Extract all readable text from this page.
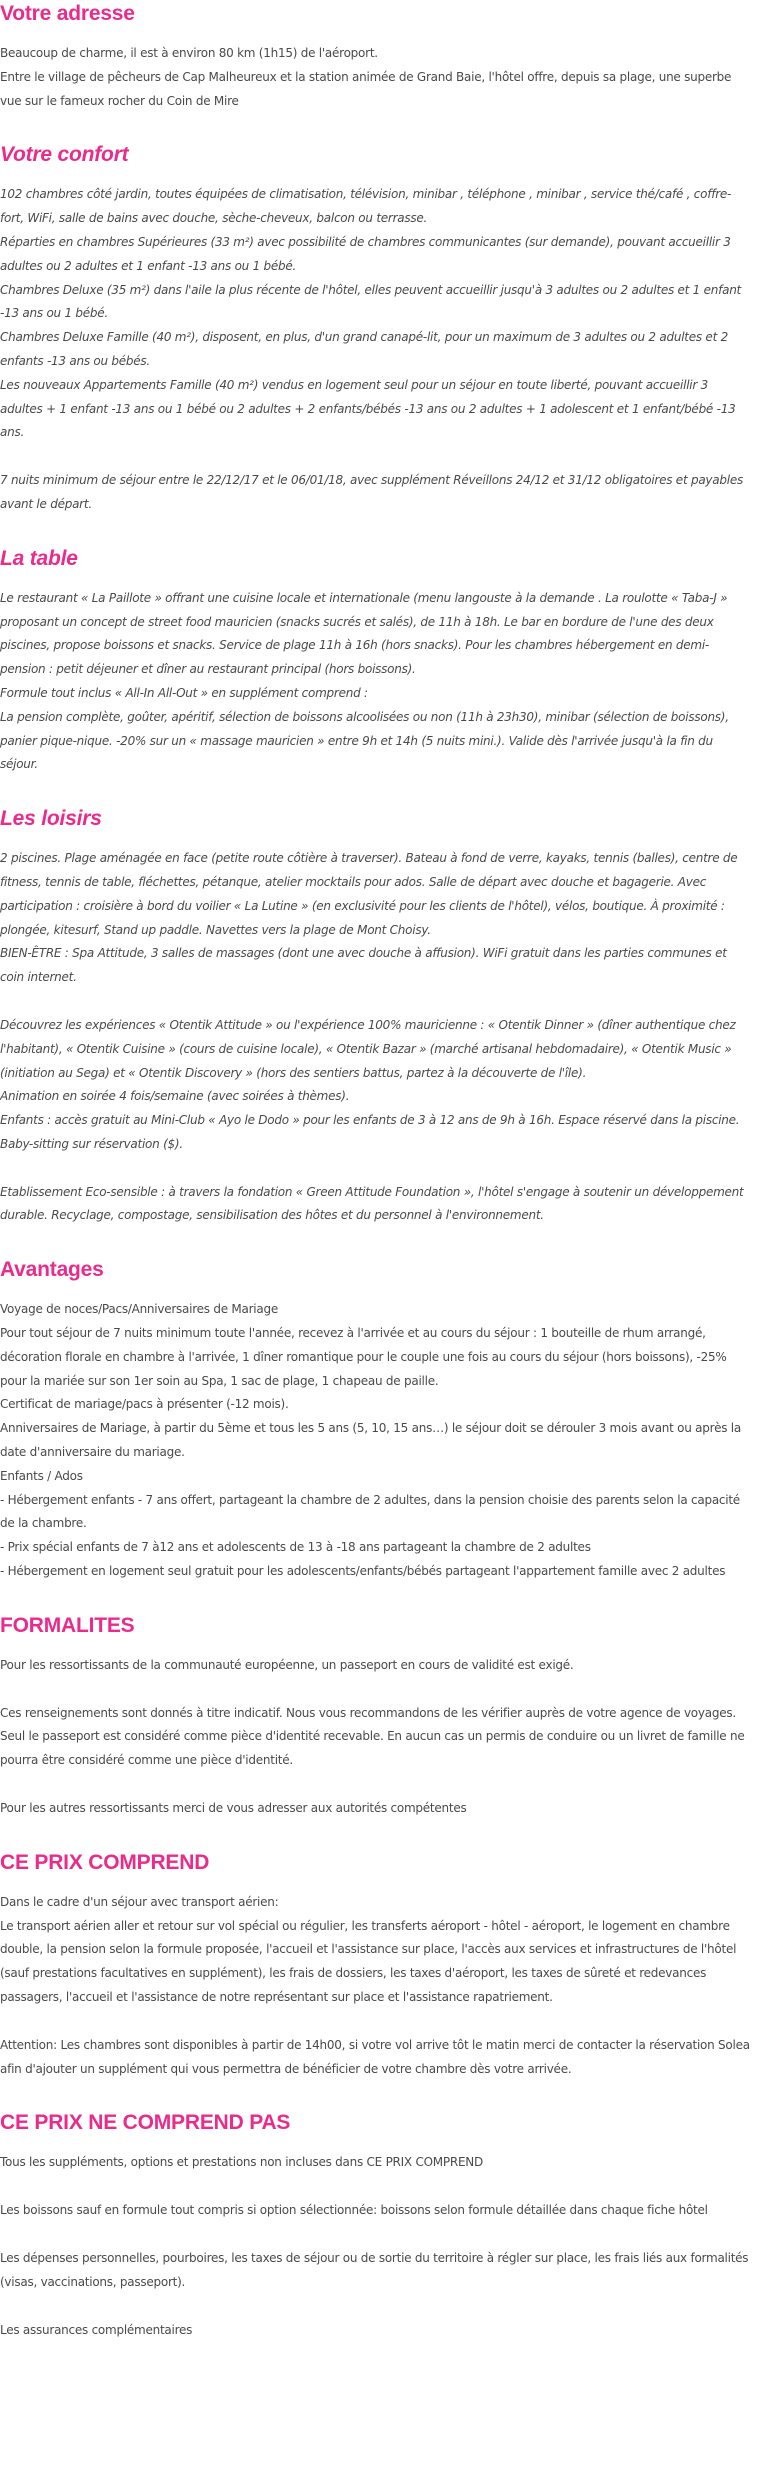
Votre adresse

Beaucoup de charme, il est à environ 80 km (1h15) de l'aéroport.
Entre le village de pêcheurs de Cap Malheureux et la station animée de Grand Baie, l'hôtel offre, depuis sa plage, une superbe vue sur le fameux rocher du Coin de Mire

Votre confort

102 chambres côté jardin, toutes équipées de climatisation, télévision, minibar , téléphone , minibar , service thé/café , coffre-fort, WiFi, salle de bains avec douche, sèche-cheveux, balcon ou terrasse.
Réparties en chambres Supérieures (33 m²) avec possibilité de chambres communicantes (sur demande), pouvant accueillir 3 adultes ou 2 adultes et 1 enfant -13 ans ou 1 bébé.
Chambres Deluxe (35 m²) dans l'aile la plus récente de l'hôtel, elles peuvent accueillir jusqu'à 3 adultes ou 2 adultes et 1 enfant -13 ans ou 1 bébé.
Chambres Deluxe Famille (40 m²), disposent, en plus, d'un grand canapé-lit, pour un maximum de 3 adultes ou 2 adultes et 2 enfants -13 ans ou bébés.
Les nouveaux Appartements Famille (40 m²) vendus en logement seul pour un séjour en toute liberté, pouvant accueillir 3 adultes + 1 enfant -13 ans ou 1 bébé ou 2 adultes + 2 enfants/bébés -13 ans ou 2 adultes + 1 adolescent et 1 enfant/bébé -13 ans.

7 nuits minimum de séjour entre le 22/12/17 et le 06/01/18, avec supplément Réveillons 24/12 et 31/12 obligatoires et payables avant le départ.

La table

Le restaurant « La Paillote » offrant une cuisine locale et internationale (menu langouste à la demande . La roulotte « Taba-J » proposant un concept de street food mauricien (snacks sucrés et salés), de 11h à 18h. Le bar en bordure de l'une des deux piscines, propose boissons et snacks. Service de plage 11h à 16h (hors snacks). Pour les chambres hébergement en demi-pension : petit déjeuner et dîner au restaurant principal (hors boissons).
Formule tout inclus « All-In All-Out » en supplément comprend :
La pension complète, goûter, apéritif, sélection de boissons alcoolisées ou non (11h à 23h30), minibar (sélection de boissons), panier pique-nique. -20% sur un « massage mauricien » entre 9h et 14h (5 nuits mini.). Valide dès l'arrivée jusqu'à la fin du séjour.

Les loisirs

2 piscines. Plage aménagée en face (petite route côtière à traverser). Bateau à fond de verre, kayaks, tennis (balles), centre de fitness, tennis de table, fléchettes, pétanque, atelier mocktails pour ados. Salle de départ avec douche et bagagerie. Avec participation : croisière à bord du voilier « La Lutine » (en exclusivité pour les clients de l'hôtel), vélos, boutique. À proximité : plongée, kitesurf, Stand up paddle. Navettes vers la plage de Mont Choisy.
BIEN-ÊTRE : Spa Attitude, 3 salles de massages (dont une avec douche à affusion). WiFi gratuit dans les parties communes et coin internet.

Découvrez les expériences « Otentik Attitude » ou l'expérience 100% mauricienne : « Otentik Dinner » (dîner authentique chez l'habitant), « Otentik Cuisine » (cours de cuisine locale), « Otentik Bazar » (marché artisanal hebdomadaire), « Otentik Music » (initiation au Sega) et « Otentik Discovery » (hors des sentiers battus, partez à la découverte de l'île).
Animation en soirée 4 fois/semaine (avec soirées à thèmes).
Enfants : accès gratuit au Mini-Club « Ayo le Dodo » pour les enfants de 3 à 12 ans de 9h à 16h. Espace réservé dans la piscine. Baby-sitting sur réservation ($).

Etablissement Eco-sensible : à travers la fondation « Green Attitude Foundation », l'hôtel s'engage à soutenir un développement durable. Recyclage, compostage, sensibilisation des hôtes et du personnel à l'environnement.

Avantages

Voyage de noces/Pacs/Anniversaires de Mariage
Pour tout séjour de 7 nuits minimum toute l'année, recevez à l'arrivée et au cours du séjour : 1 bouteille de rhum arrangé, décoration florale en chambre à l'arrivée, 1 dîner romantique pour le couple une fois au cours du séjour (hors boissons), -25% pour la mariée sur son 1er soin au Spa, 1 sac de plage, 1 chapeau de paille.
Certificat de mariage/pacs à présenter (-12 mois).
Anniversaires de Mariage, à partir du 5ème et tous les 5 ans (5, 10, 15 ans…) le séjour doit se dérouler 3 mois avant ou après la date d'anniversaire du mariage.
Enfants / Ados
- Hébergement enfants - 7 ans offert, partageant la chambre de 2 adultes, dans la pension choisie des parents selon la capacité de la chambre.
- Prix spécial enfants de 7 à12 ans et adolescents de 13 à -18 ans partageant la chambre de 2 adultes
- Hébergement en logement seul gratuit pour les adolescents/enfants/bébés partageant l'appartement famille avec 2 adultes

FORMALITES

Pour les ressortissants de la communauté européenne, un passeport en cours de validité est exigé.

Ces renseignements sont donnés à titre indicatif. Nous vous recommandons de les vérifier auprès de votre agence de voyages. Seul le passeport est considéré comme pièce d'identité recevable. En aucun cas un permis de conduire ou un livret de famille ne pourra être considéré comme une pièce d'identité.

Pour les autres ressortissants merci de vous adresser aux autorités compétentes

CE PRIX COMPREND

Dans le cadre d'un séjour avec transport aérien:
Le transport aérien aller et retour sur vol spécial ou régulier, les transferts aéroport - hôtel - aéroport, le logement en chambre double, la pension selon la formule proposée, l'accueil et l'assistance sur place, l'accès aux services et infrastructures de l'hôtel (sauf prestations facultatives en supplément), les frais de dossiers, les taxes d'aéroport, les taxes de sûreté et redevances passagers, l'accueil et l'assistance de notre représentant sur place et l'assistance rapatriement.

Attention: Les chambres sont disponibles à partir de 14h00, si votre vol arrive tôt le matin merci de contacter la réservation Solea afin d'ajouter un supplément qui vous permettra de bénéficier de votre chambre dès votre arrivée.

CE PRIX NE COMPREND PAS

Tous les suppléments, options et prestations non incluses dans CE PRIX COMPREND

Les boissons sauf en formule tout compris si option sélectionnée: boissons selon formule détaillée dans chaque fiche hôtel

Les dépenses personnelles, pourboires, les taxes de séjour ou de sortie du territoire à régler sur place, les frais liés aux formalités (visas, vaccinations, passeport).

Les assurances complémentaires
